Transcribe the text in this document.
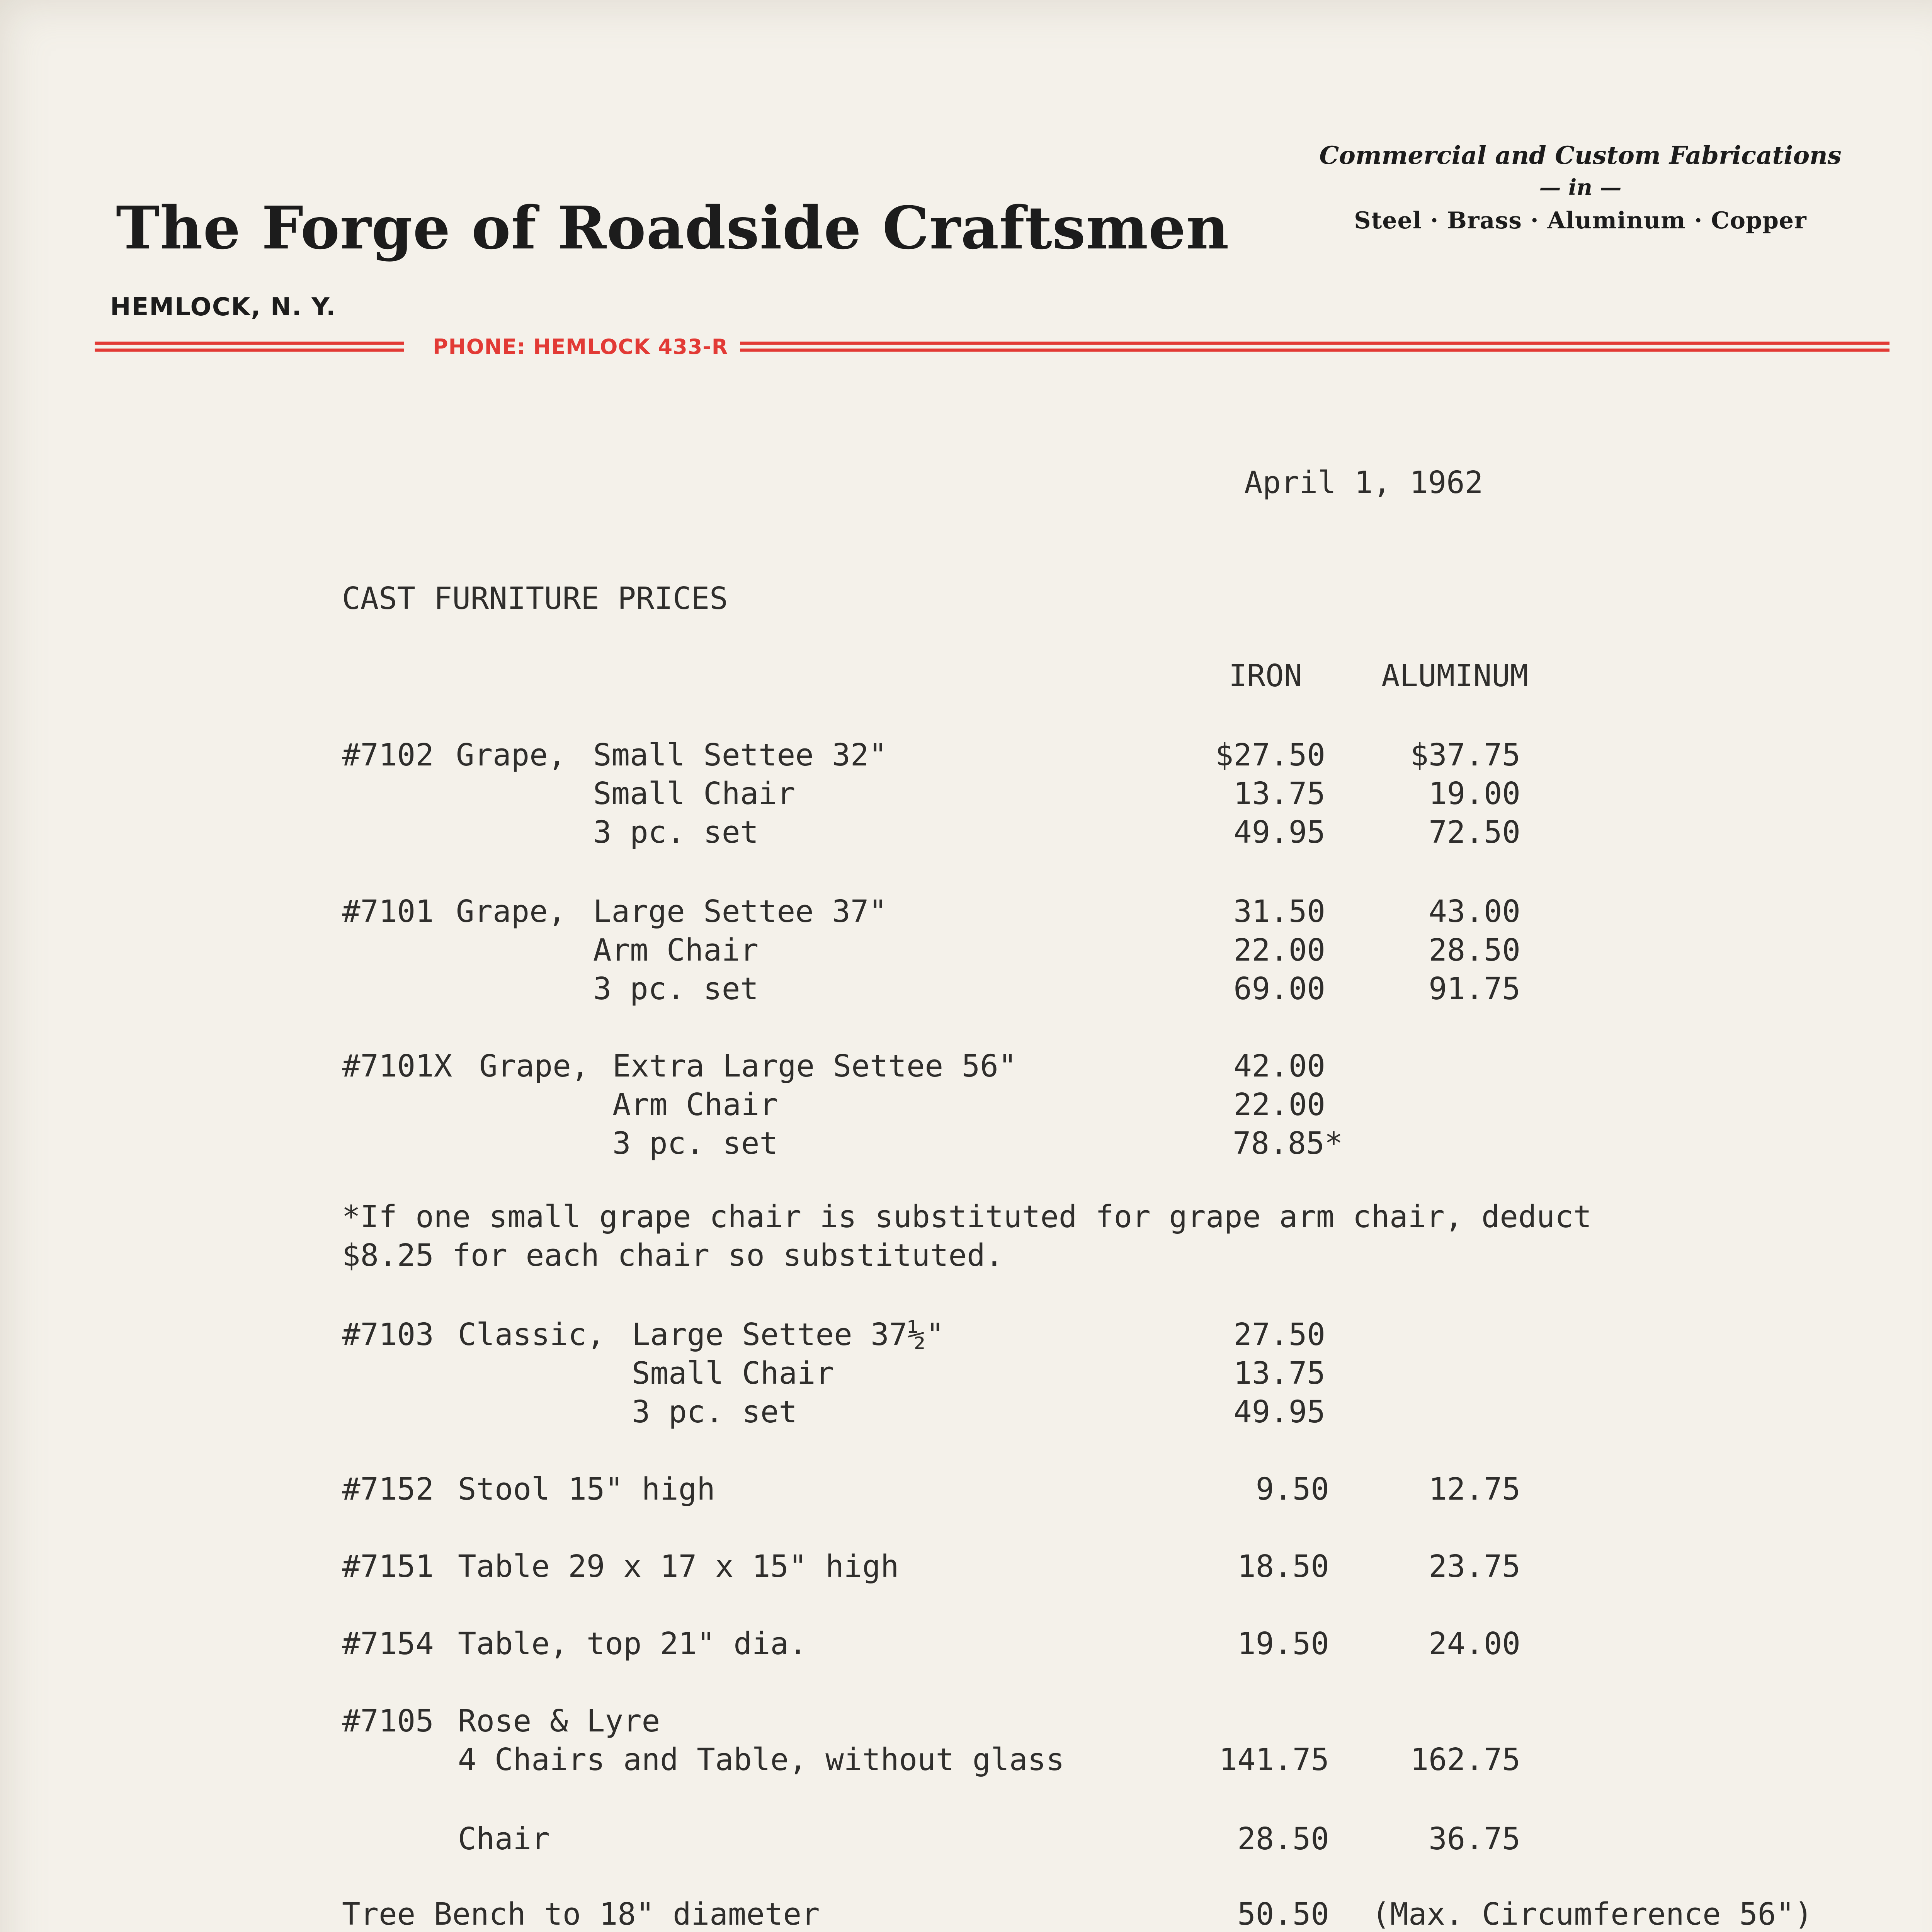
The Forge of Roadside Craftsmen
Commercial and Custom Fabrications
— in —
Steel · Brass · Aluminum · Copper
HEMLOCK, N. Y.
PHONE: HEMLOCK 433-R
April 1, 1962
CAST FURNITURE PRICES
IRON	ALUMINUM
#7102 Grape, Small Settee 32"	$27.50	$37.75
Small Chair	13.75	19.00
3 pc. set	49.95	72.50
#7101 Grape, Large Settee 37"	31.50	43.00
Arm Chair	22.00	28.50
3 pc. set	69.00	91.75
#7101X Grape, Extra Large Settee 56"	42.00
Arm Chair	22.00
3 pc. set	78.85*
*If one small grape chair is substituted for grape arm chair, deduct
$8.25 for each chair so substituted.
#7103 Classic, Large Settee 37½"	27.50
Small Chair	13.75
3 pc. set	49.95
#7152 Stool 15" high	9.50	12.75
#7151 Table 29 x 17 x 15" high	18.50	23.75
#7154 Table, top 21" dia.	19.50	24.00
#7105 Rose & Lyre
4 Chairs and Table, without glass	141.75	162.75
Chair	28.50	36.75
Tree Bench to 18" diameter	50.50 (Max. Circumference 56")
